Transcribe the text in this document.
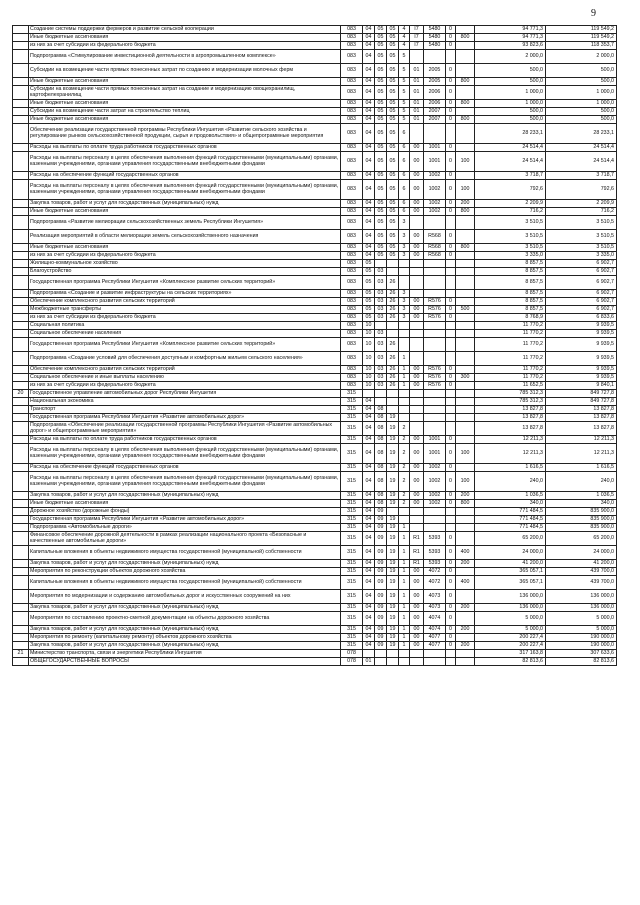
9
	Создание системы поддержки фермеров и развитие сельской кооперации	083	04	05	05	4	I7	5480	0		94 771,3	119 549,2
	Иные бюджетные ассигнования	083	04	05	05	4	I7	5480	0	800	94 771,3	119 549,2
	из них за счет субсидии из федерального бюджета	083	04	05	05	4	I7	5480	0		93 823,6	118 353,7
	Подпрограмма «Стимулирование инвестиционной деятельности в агропромышленном комплексе»	083	04	05	05	5					2 000,0	2 000,0
	Субсидии на возмещение части прямых понесенных затрат по созданию и модернизации молочных ферм	083	04	05	05	5	01	2005	0		500,0	500,0
	Иные бюджетные ассигнования	083	04	05	05	5	01	2005	0	800	500,0	500,0
	Субсидии на возмещение части прямых понесенных затрат на создание и модернизацию овощехранилищ, картофелехранилищ	083	04	05	05	5	01	2006	0		1 000,0	1 000,0
	Иные бюджетные ассигнования	083	04	05	05	5	01	2006	0	800	1 000,0	1 000,0
	Субсидии на возмещение части затрат на строительство теплиц	083	04	05	05	5	01	2007	0		500,0	500,0
	Иные бюджетные ассигнования	083	04	05	05	5	01	2007	0	800	500,0	500,0
	Обеспечение реализации государственной программы Республики Ингушетия «Развитие сельского хозяйства и регулирование рынков сельскохозяйственной продукции, сырья и продовольствия» и общепрограммные мероприятия	083	04	05	05	6					28 233,1	28 233,1
	Расходы на выплаты по оплате труда работников государственных органов	083	04	05	05	6	00	1001	0		24 514,4	24 514,4
	Расходы на выплаты персоналу в целях обеспечения выполнения функций государственными (муниципальными) органами, казенными учреждениями, органами управления государственными внебюджетными фондами	083	04	05	05	6	00	1001	0	100	24 514,4	24 514,4
	Расходы на обеспечение функций государственных органов	083	04	05	05	6	00	1002	0		3 718,7	3 718,7
	Расходы на выплаты персоналу в целях обеспечения выполнения функций государственными (муниципальными) органами, казенными учреждениями, органами управления государственными внебюджетными фондами	083	04	05	05	6	00	1002	0	100	792,6	792,6
	Закупка товаров, работ и услуг для государственных (муниципальных) нужд	083	04	05	05	6	00	1002	0	200	2 209,9	2 209,9
	Иные бюджетные ассигнования	083	04	05	05	6	00	1002	0	800	716,2	716,2
	Подпрограмма «Развитие мелиорации сельскохозяйственных земель Республики Ингушетия»	083	04	05	05	3					3 510,5	3 510,5
	Реализация мероприятий в области мелиорации земель сельскохозяйственного назначения	083	04	05	05	3	00	R568	0		3 510,5	3 510,5
	Иные бюджетные ассигнования	083	04	05	05	3	00	R568	0	800	3 510,5	3 510,5
	из них за счет субсидии из федерального бюджета	083	04	05	05	3	00	R568	0		3 335,0	3 335,0
	Жилищно-коммунальное хозяйство	083	05								8 857,5	6 902,7
	Благоустройство	083	05	03							8 857,5	6 902,7
	Государственная программа Республики Ингушетия «Комплексное развитие сельских территорий»	083	05	03	26						8 857,5	6 902,7
	Подпрограмма «Создание и развитие инфраструктуры на сельских территориях»	083	05	03	26	3					8 857,5	6 902,7
	Обеспечение комплексного развития сельских территорий	083	05	03	26	3	00	R576	0		8 857,5	6 902,7
	Межбюджетные трансферты	083	05	03	26	3	00	R576	0	500	8 857,5	6 902,7
	из них за счет субсидии из федерального бюджета	083	05	03	26	3	00	R576	0		8 768,9	6 833,6
	Социальная политика	083	10								11 770,2	9 939,5
	Социальное обеспечение населения	083	10	03							11 770,2	9 939,5
	Государственная программа Республики Ингушетия «Комплексное развитие сельских территорий»	083	10	03	26						11 770,2	9 939,5
	Подпрограмма «Создание условий для обеспечения доступным и комфортным жильем сельского населения»	083	10	03	26	1					11 770,2	9 939,5
	Обеспечение комплексного развития сельских территорий	083	10	03	26	1	00	R576	0		11 770,2	9 939,5
	Социальное обеспечение и иные выплаты населению	083	10	03	26	1	00	R576	0	300	11 770,2	9 939,5
	из них за счет субсидии из федерального бюджета	083	10	03	26	1	00	R576	0		11 652,5	9 840,1
20	Государственное управление автомобильных дорог Республики Ингушетия	315									785 312,3	849 727,8
	Национальная экономика	315	04								785 312,3	849 727,8
	Транспорт	315	04	08							13 827,8	13 827,8
	Государственная программа Республики Ингушетия «Развитие автомобильных дорог»	315	04	08	19						13 827,8	13 827,8
	Подпрограмма «Обеспечение реализации государственной программы Республики Ингушетия «Развитие автомобильных дорог» и общепрограммные мероприятия»	315	04	08	19	2					13 827,8	13 827,8
	Расходы на выплаты по оплате труда работников государственных органов	315	04	08	19	2	00	1001	0		12 211,3	12 211,3
	Расходы на выплаты персоналу в целях обеспечения выполнения функций государственными (муниципальными) органами, казенными учреждениями, органами управления государственными внебюджетными фондами	315	04	08	19	2	00	1001	0	100	12 211,3	12 211,3
	Расходы на обеспечение функций государственных органов	315	04	08	19	2	00	1002	0		1 616,5	1 616,5
	Расходы на выплаты персоналу в целях обеспечения выполнения функций государственными (муниципальными) органами, казенными учреждениями, органами управления государственными внебюджетными фондами	315	04	08	19	2	00	1002	0	100	240,0	240,0
	Закупка товаров, работ и услуг для государственных (муниципальных) нужд	315	04	08	19	2	00	1002	0	200	1 036,5	1 036,5
	Иные бюджетные ассигнования	315	04	08	19	2	00	1002	0	800	340,0	340,0
	Дорожное хозяйство (дорожные фонды)	315	04	09							771 484,5	835 900,0
	Государственная программа Республики Ингушетия «Развитие автомобильных дорог»	315	04	09	19						771 484,5	835 900,0
	Подпрограмма «Автомобильные дороги»	315	04	09	19	1					771 484,5	835 900,0
	Финансовое обеспечение дорожной деятельности в рамках реализации национального проекта «Безопасные и качественные автомобильные дороги»	315	04	09	19	1	R1	5393	0		65 200,0	65 200,0
	Капитальные вложения в объекты недвижимого имущества государственной (муниципальной) собственности	315	04	09	19	1	R1	5393	0	400	24 000,0	24 000,0
	Закупка товаров, работ и услуг для государственных (муниципальных) нужд	315	04	09	19	1	R1	5393	0	200	41 200,0	41 200,0
	Мероприятия по реконструкции объектов дорожного хозяйства	315	04	09	19	1	00	4072	0		365 057,1	439 700,0
	Капитальные вложения в объекты недвижимого имущества государственной (муниципальной) собственности	315	04	09	19	1	00	4072	0	400	365 057,1	439 700,0
	Мероприятия по модернизации и содержанию автомобильных дорог и искусственных сооружений на них	315	04	09	19	1	00	4073	0		136 000,0	136 000,0
	Закупка товаров, работ и услуг для государственных (муниципальных) нужд	315	04	09	19	1	00	4073	0	200	136 000,0	136 000,0
	Мероприятия по составлению проектно-сметной документации на объекты дорожного хозяйства	315	04	09	19	1	00	4074	0		5 000,0	5 000,0
	Закупка товаров, работ и услуг для государственных (муниципальных) нужд	315	04	09	19	1	00	4074	0	200	5 000,0	5 000,0
	Мероприятия по ремонту (капитальному ремонту) объектов дорожного хозяйства	315	04	09	19	1	00	4077	0		200 227,4	190 000,0
	Закупка товаров, работ и услуг для государственных (муниципальных) нужд	315	04	09	19	1	00	4077	0	200	200 227,4	190 000,0
21	Министерство транспорта, связи и энергетики Республики Ингушетия	078									317 163,8	307 633,6
	ОБЩЕГОСУДАРСТВЕННЫЕ ВОПРОСЫ	078	01								82 813,6	82 813,6
